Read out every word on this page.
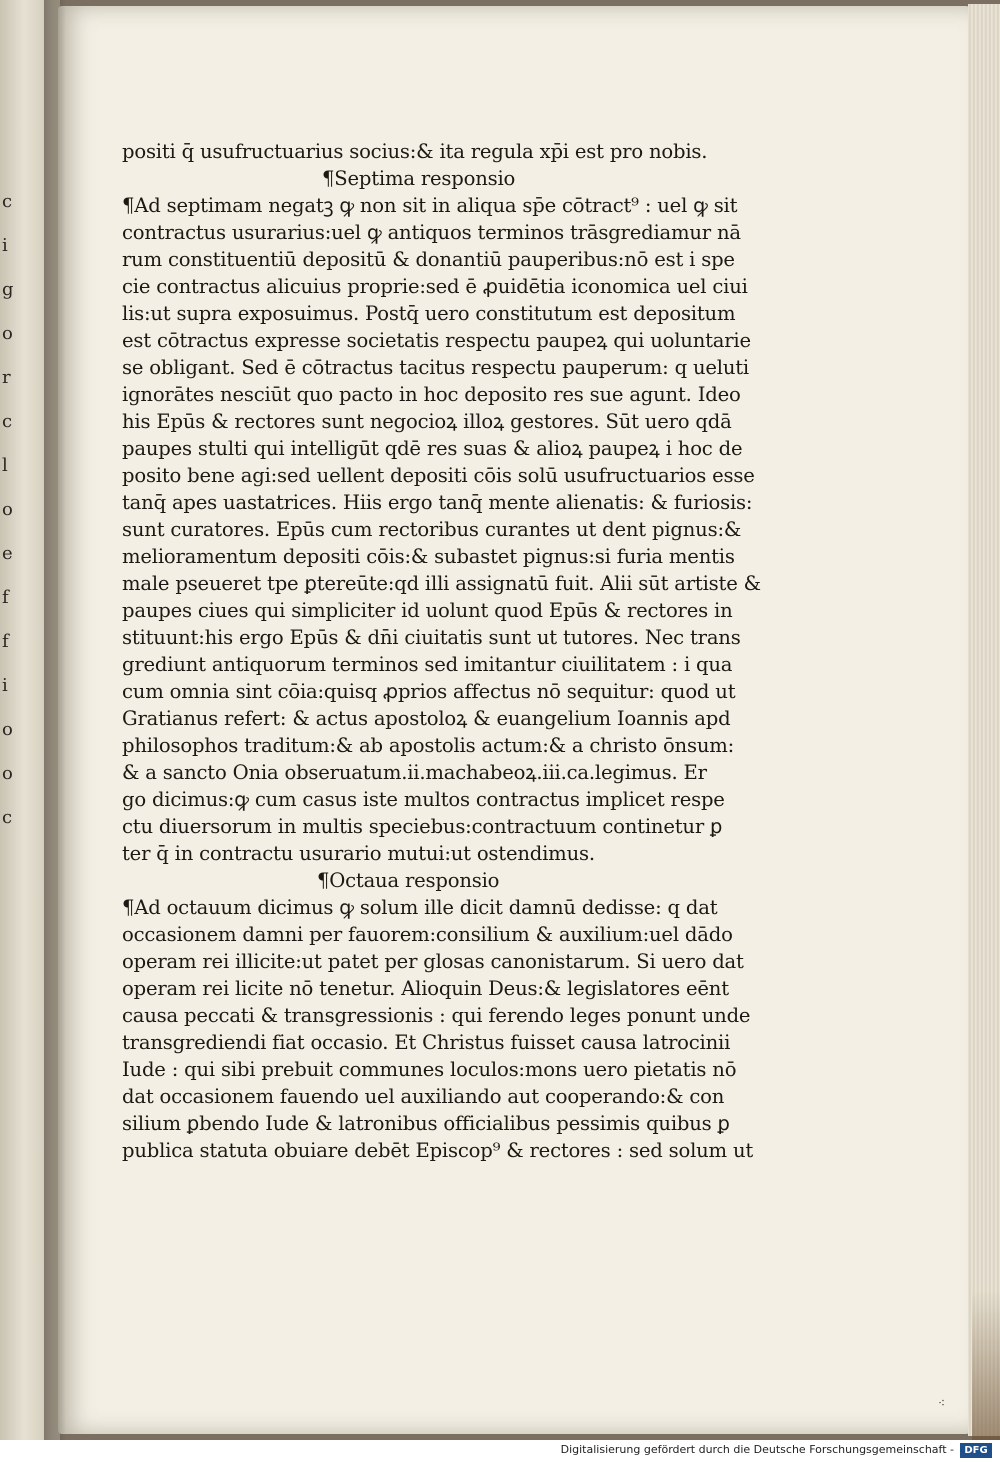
c
i
g
o
r
c
l
o
e
f
f
i
o
o
c
positi q̄ usufructuarius socius:& ita regula xp̄i est pro nobis.
¶Septima responsio
¶Ad septimam negatꝫ ꝙ non sit in aliqua sp̄e cōtract⁹ : uel ꝙ sit
contractus usurarius:uel ꝙ antiquos terminos trāsgrediamur nā
rum constituentiū depositū & donantiū pauperibus:nō est i spe
cie contractus alicuius proprie:sed ē ꝓuidētia iconomica uel ciui
lis:ut supra exposuimus. Postq̄ uero constitutum est depositum
est cōtractus expresse societatis respectu paupeꝝ qui uoluntarie
se obligant. Sed ē cōtractus tacitus respectu pauperum: q ueluti
ignorātes nesciūt quo pacto in hoc deposito res sue agunt. Ideo
his Epūs & rectores sunt negocioꝝ illoꝝ gestores. Sūt uero qdā
paupes stulti qui intelligūt qdē res suas & alioꝝ paupeꝝ i hoc de
posito bene agi:sed uellent depositi cōis solū usufructuarios esse
tanq̄ apes uastatrices. Hiis ergo tanq̄ mente alienatis: & furiosis:
sunt curatores. Epūs cum rectoribus curantes ut dent pignus:&
melioramentum depositi cōis:& subastet pignus:si furia mentis
male pseueret tpe ꝑtereūte:qd illi assignatū fuit. Alii sūt artiste &
paupes ciues qui simpliciter id uolunt quod Epūs & rectores in
stituunt:his ergo Epūs & dn̄i ciuitatis sunt ut tutores. Nec trans
grediunt antiquorum terminos sed imitantur ciuilitatem : i qua
cum omnia sint cōia:quisq ꝓprios affectus nō sequitur: quod ut
Gratianus refert: & actus apostoloꝝ & euangelium Ioannis apd
philosophos traditum:& ab apostolis actum:& a christo ōnsum:
& a sancto Onia obseruatum.ii.machabeoꝝ.iii.ca.legimus. Er
go dicimus:ꝙ cum casus iste multos contractus implicet respe
ctu diuersorum in multis speciebus:contractuum continetur ꝑ
ter q̄ in contractu usurario mutui:ut ostendimus.
¶Octaua responsio
¶Ad octauum dicimus ꝙ solum ille dicit damnū dedisse: q dat
occasionem damni per fauorem:consilium & auxilium:uel dādo
operam rei illicite:ut patet per glosas canonistarum. Si uero dat
operam rei licite nō tenetur. Alioquin Deus:& legislatores eēnt
causa peccati & transgressionis : qui ferendo leges ponunt unde
transgrediendi fiat occasio. Et Christus fuisset causa latrocinii
Iude : qui sibi prebuit communes loculos:mons uero pietatis nō
dat occasionem fauendo uel auxiliando aut cooperando:& con
silium ꝑbendo Iude & latronibus officialibus pessimis quibus ꝑ
publica statuta obuiare debēt Episcop⁹ & rectores : sed solum ut
⁖
Digitalisierung gefördert durch die Deutsche Forschungsgemeinschaft -	DFG
